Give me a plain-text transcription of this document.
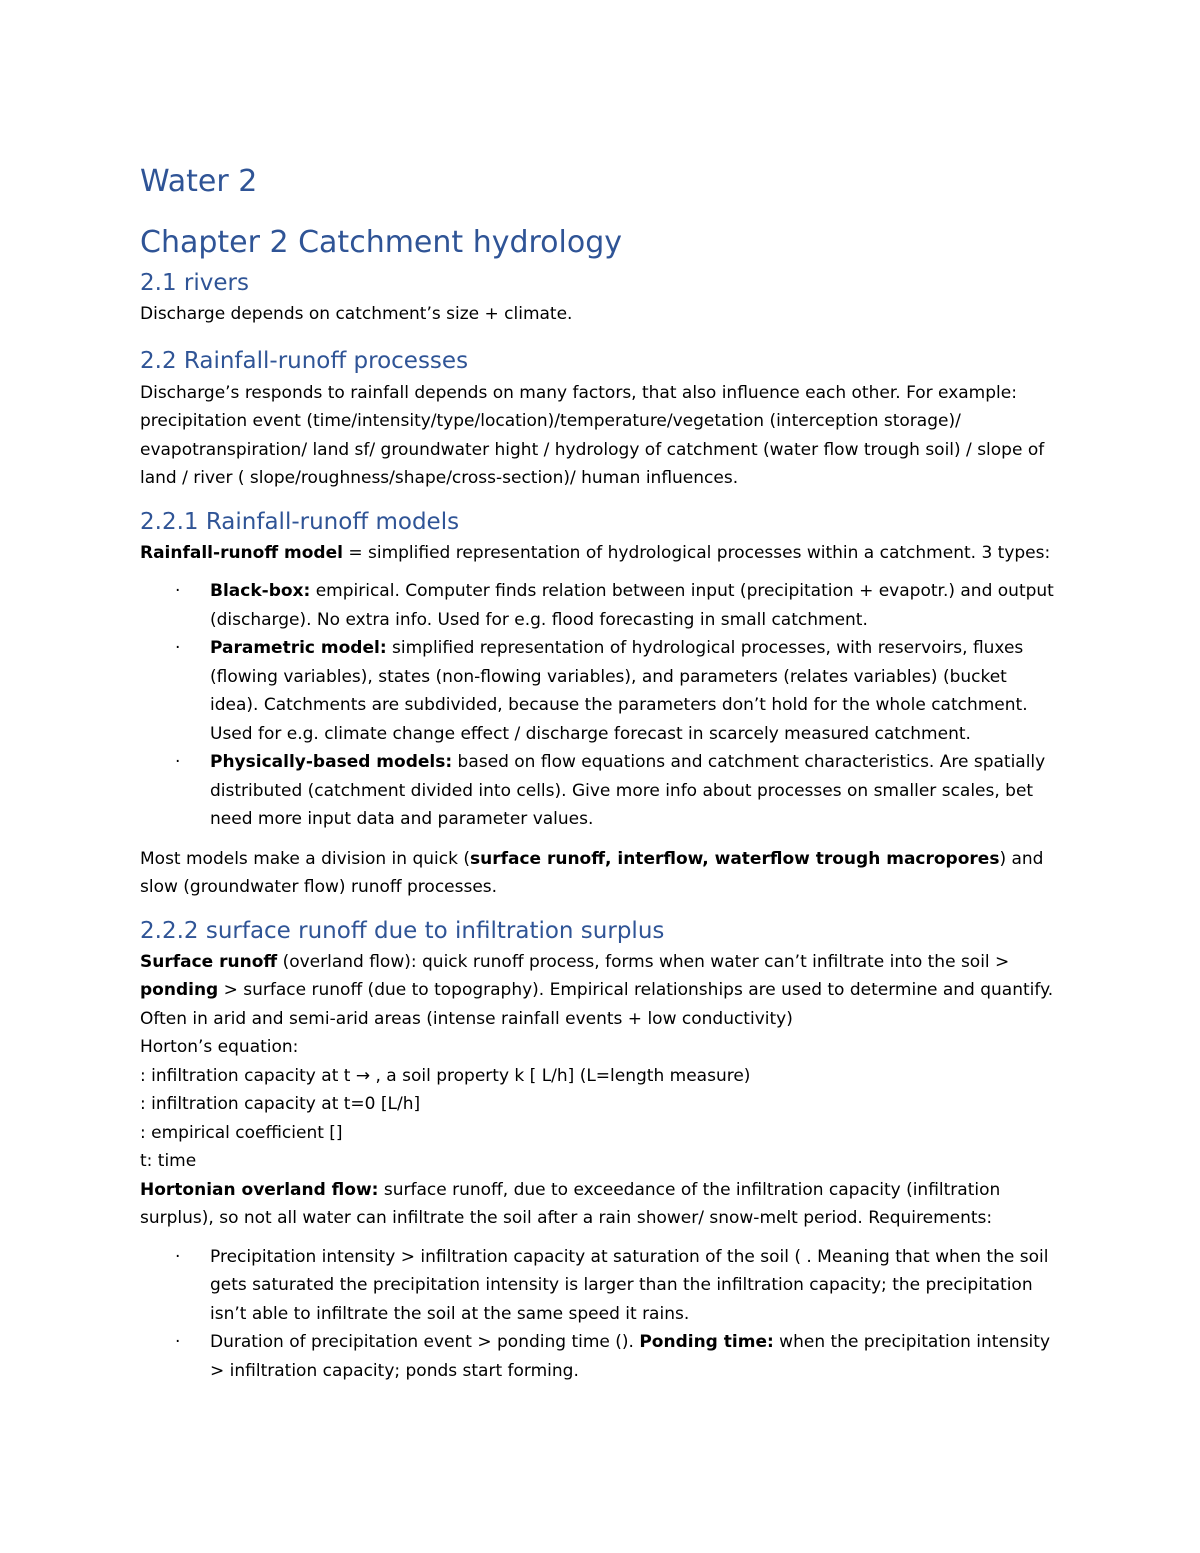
Water 2
Chapter 2 Catchment hydrology
2.1 rivers

Discharge depends on catchment’s size + climate.

2.2 Rainfall-runoff processes

Discharge’s responds to rainfall depends on many factors, that also influence each other. For example: precipitation event (time/intensity/type/location)/temperature/vegetation (interception storage)/ evapotranspiration/ land sf/ groundwater hight / hydrology of catchment (water flow trough soil) / slope of land / river ( slope/roughness/shape/cross-section)/ human influences.

2.2.1 Rainfall-runoff models

Rainfall-runoff model = simplified representation of hydrological processes within a catchment. 3 types:

· Black-box: empirical. Computer finds relation between input (precipitation + evapotr.) and output (discharge). No extra info. Used for e.g. flood forecasting in small catchment.
· Parametric model: simplified representation of hydrological processes, with reservoirs, fluxes (flowing variables), states (non-flowing variables), and parameters (relates variables) (bucket idea). Catchments are subdivided, because the parameters don’t hold for the whole catchment. Used for e.g. climate change effect / discharge forecast in scarcely measured catchment.
· Physically-based models: based on flow equations and catchment characteristics. Are spatially distributed (catchment divided into cells). Give more info about processes on smaller scales, bet need more input data and parameter values.

Most models make a division in quick (surface runoff, interflow, waterflow trough macropores) and slow (groundwater flow) runoff processes.

2.2.2 surface runoff due to infiltration surplus

Surface runoff (overland flow): quick runoff process, forms when water can’t infiltrate into the soil > ponding > surface runoff (due to topography). Empirical relationships are used to determine and quantify. Often in arid and semi-arid areas (intense rainfall events + low conductivity)

Horton’s equation:
: infiltration capacity at t → , a soil property k [ L/h] (L=length measure)
: infiltration capacity at t=0 [L/h]
: empirical coefficient []
t: time

Hortonian overland flow: surface runoff, due to exceedance of the infiltration capacity (infiltration surplus), so not all water can infiltrate the soil after a rain shower/ snow-melt period. Requirements:

· Precipitation intensity > infiltration capacity at saturation of the soil ( . Meaning that when the soil gets saturated the precipitation intensity is larger than the infiltration capacity; the precipitation isn’t able to infiltrate the soil at the same speed it rains.
· Duration of precipitation event > ponding time (). Ponding time: when the precipitation intensity > infiltration capacity; ponds start forming.
